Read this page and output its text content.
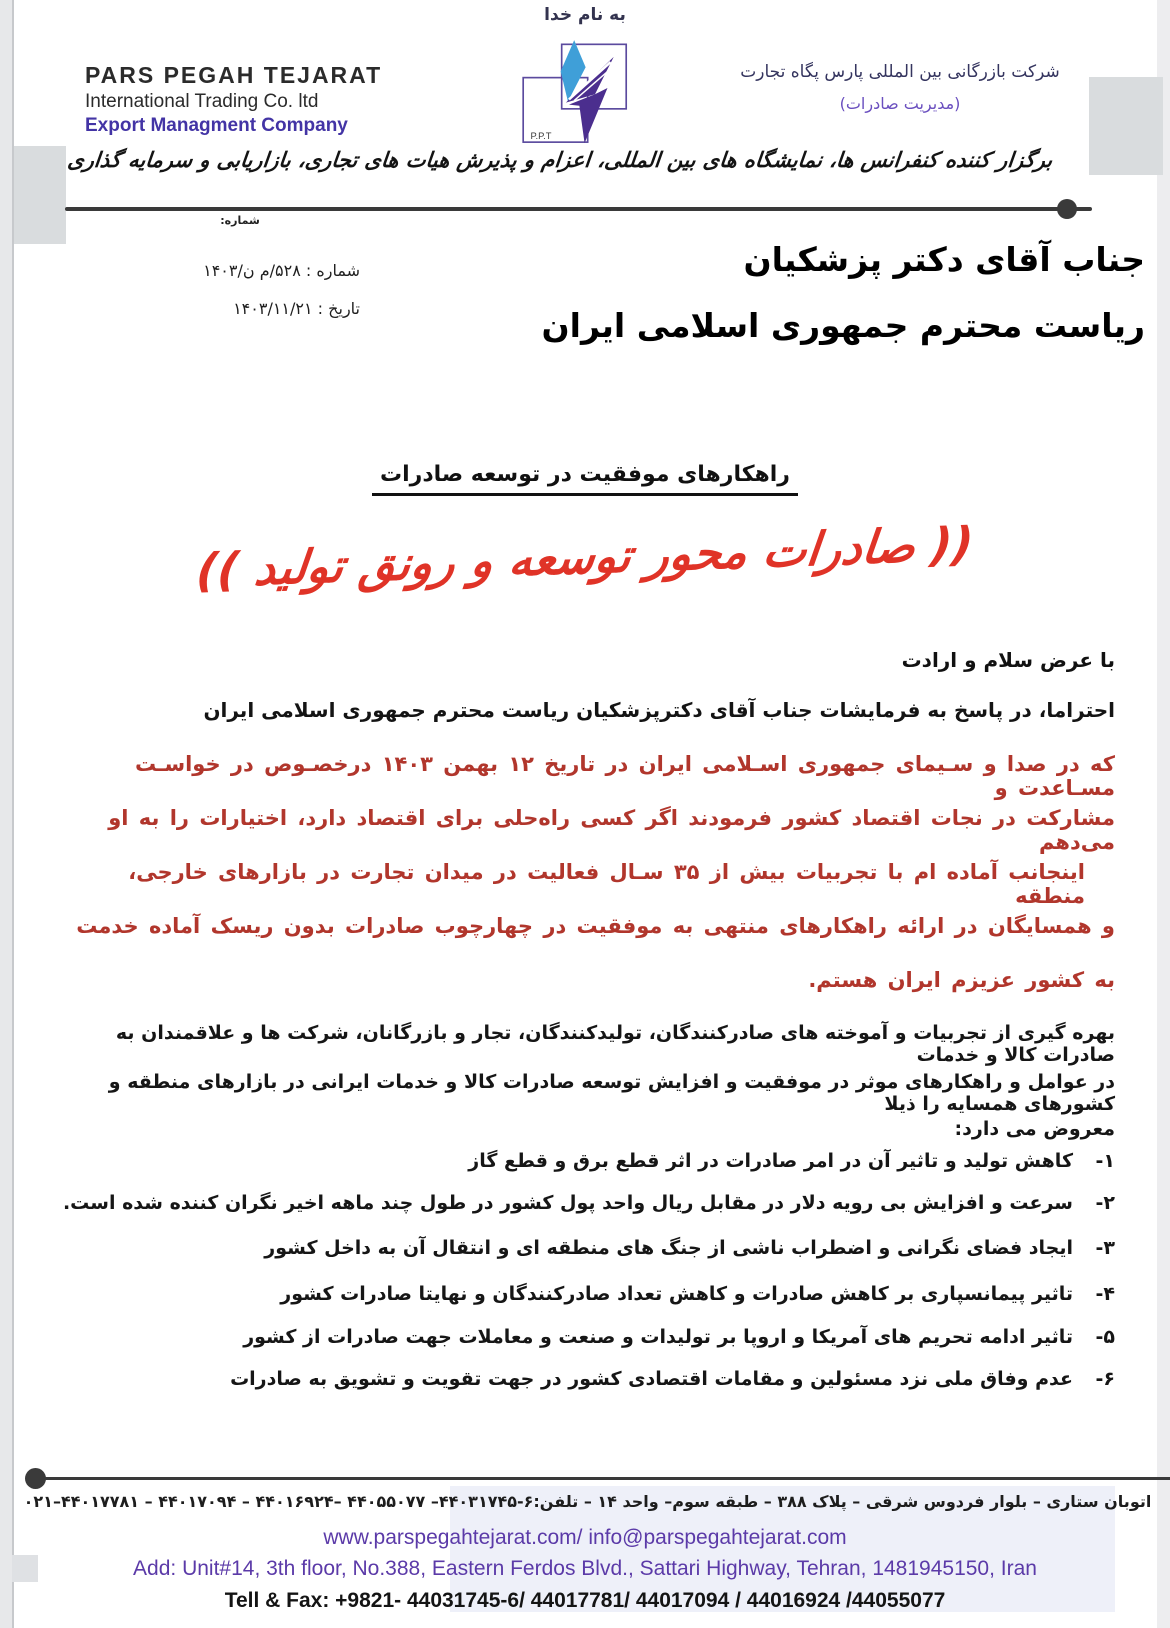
به نام خدا
PARS PEGAH TEJARAT
International Trading Co. ltd
Export Managment Company
P.P.T
شرکت بازرگانی بین المللی پارس پگاه تجارت
(مدیریت صادرات)
برگزار کننده کنفرانس ها، نمایشگاه های بین المللی، اعزام و پذیرش هیات های تجاری، بازاریابی و سرمایه گذاری
شماره:
شماره : ۵۲۸/م ن/۱۴۰۳
تاریخ : ۱۴۰۳/۱۱/۲۱
جناب آقای دکتر پزشکیان
ریاست محترم جمهوری اسلامی ایران
راهکارهای موفقیت در توسعه صادرات
(( صادرات محور توسعه و رونق تولید ))
با عرض سلام و ارادت
احتراما، در پاسخ به فرمایشات جناب آقای دکترپزشکیان ریاست محترم جمهوری اسلامی ایران
که در صدا و سـیمای جمهوری اسـلامی ایران در تاریخ ۱۲ بهمن ۱۴۰۳ درخصـوص در خواسـت مسـاعدت و
مشارکت در نجات اقتصاد کشور فرمودند اگر کسی راه‌حلی برای اقتصاد دارد، اختیارات را به او می‌دهم
اینجانب آماده ام با تجربیات بیش از ۳۵ سـال فعالیت در میدان تجارت در بازارهای خارجی، منطقه
و همسایگان در ارائه راهکارهای منتهی به موفقیت در چهارچوب صادرات بدون ریسک آماده خدمت
به کشور عزیزم ایران هستم.
بهره گیری از تجربیات و آموخته های صادرکنندگان، تولیدکنندگان، تجار و بازرگانان، شرکت ها و علاقمندان به صادرات کالا و خدمات
در عوامل و راهکارهای موثر در موفقیت و افزایش توسعه صادرات کالا و خدمات ایرانی در بازارهای منطقه و کشورهای همسایه را ذیلا
معروض می دارد:
۱-
کاهش تولید و تاثیر آن در امر صادرات در اثر قطع برق و قطع گاز
۲-
سرعت و افزایش بی رویه دلار در مقابل ریال واحد پول کشور در طول چند ماهه اخیر نگران کننده شده است.
۳-
ایجاد فضای نگرانی و اضطراب ناشی از جنگ های منطقه ای و انتقال آن به داخل کشور
۴-
تاثیر پیمانسپاری بر کاهش صادرات و کاهش تعداد صادرکنندگان و نهایتا صادرات کشور
۵-
تاثیر ادامه تحریم های آمریکا و اروپا بر تولیدات و صنعت و معاملات جهت صادرات از کشور
۶-
عدم وفاق ملی نزد مسئولین و مقامات اقتصادی کشور در جهت تقویت و تشویق به صادرات
اتوبان ستاری – بلوار فردوس شرقی – پلاک ۳۸۸ – طبقه سوم– واحد ۱۴ – تلفن:۶-۴۴۰۳۱۷۴۵– ۴۴۰۵۵۰۷۷ –۴۴۰۱۶۹۲۴ – ۴۴۰۱۷۰۹۴ – ۴۴۰۱۷۷۸۱–۰۲۱
www.parspegahtejarat.com/ info@parspegahtejarat.com
Add: Unit#14, 3th floor, No.388, Eastern Ferdos Blvd., Sattari Highway, Tehran, 1481945150, Iran
Tell & Fax: +9821- 44031745-6/ 44017781/ 44017094 / 44016924 /44055077
